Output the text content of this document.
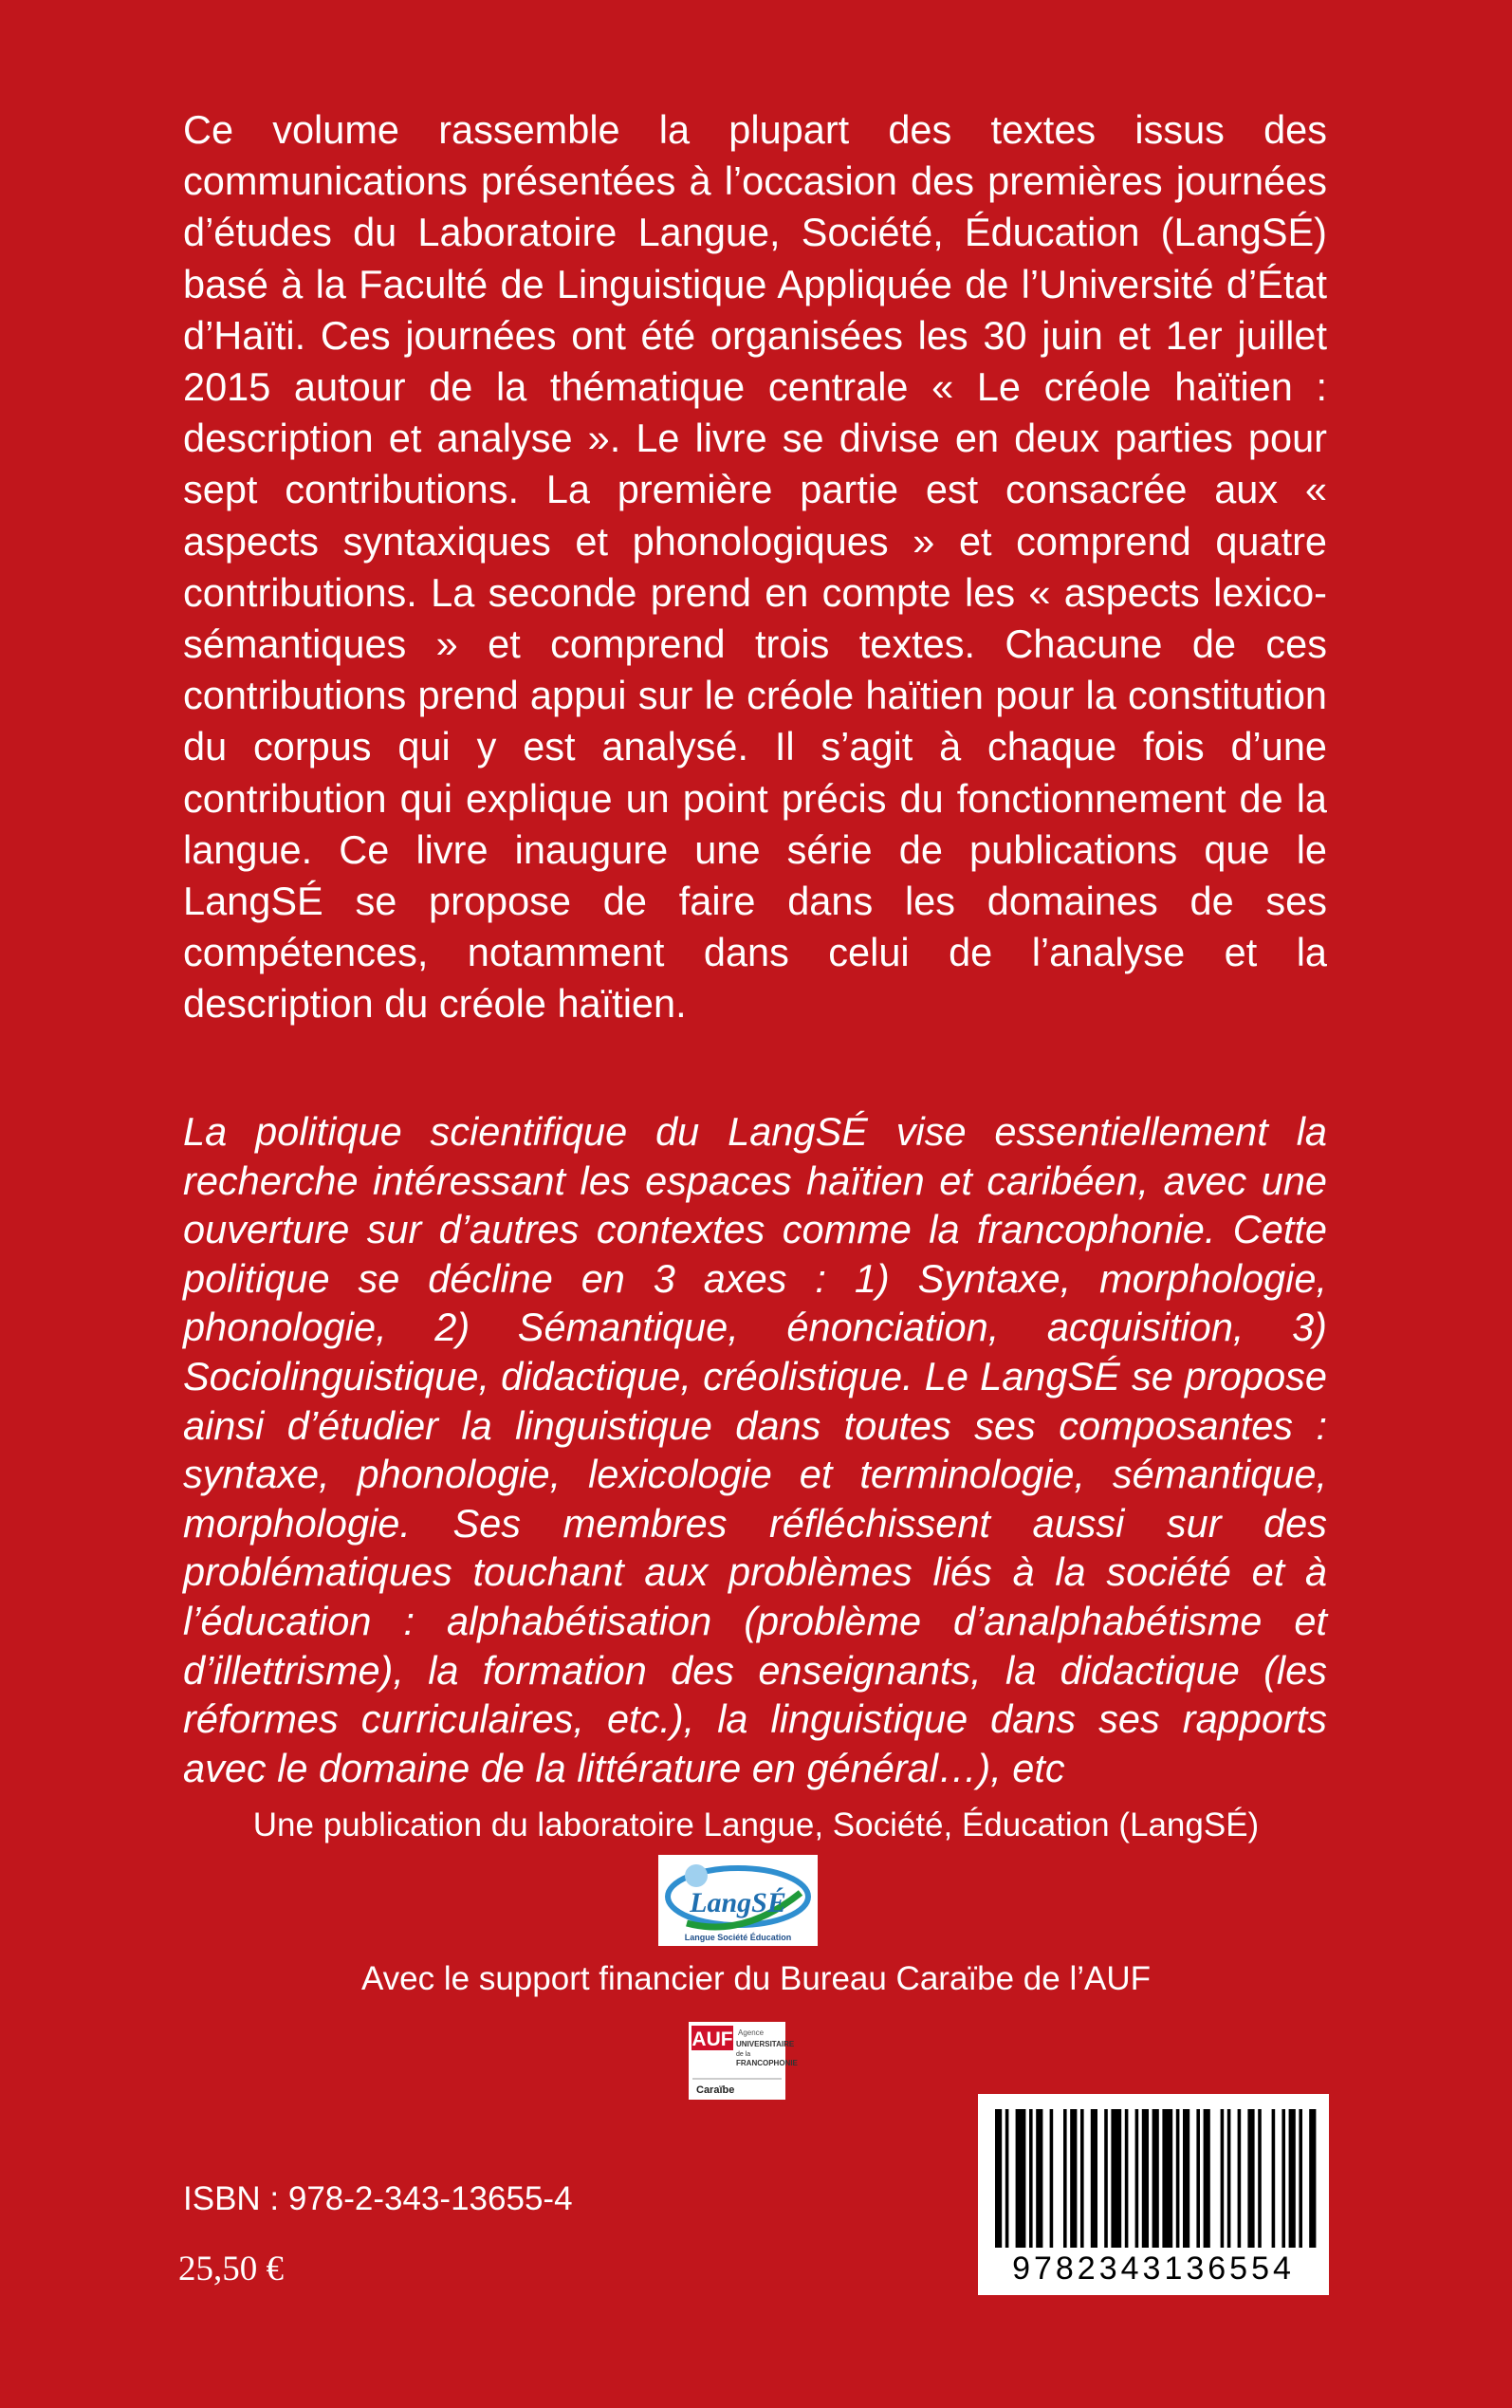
Ce volume rassemble la plupart des textes issus des communications présentées à l’occasion des premières journées d’études du Laboratoire Langue, Société, Éducation (LangSÉ) basé à la Faculté de Linguistique Appliquée de l’Université d’État d’Haïti. Ces journées ont été organisées les 30 juin et 1er juillet 2015 autour de la thématique centrale « Le créole haïtien : description et analyse ». Le livre se divise en deux parties pour sept contributions. La première partie est consacrée aux « aspects syntaxiques et phonologiques » et comprend quatre contributions. La seconde prend en compte les « aspects lexico-sémantiques » et comprend trois textes. Chacune de ces contributions prend appui sur le créole haïtien pour la constitution du corpus qui y est analysé. Il s’agit à chaque fois d’une contribution qui explique un point précis du fonctionnement de la langue. Ce livre inaugure une série de publications que le LangSÉ se propose de faire dans les domaines de ses compétences, notamment dans celui de l’analyse et la description du créole haïtien.

La politique scientifique du LangSÉ vise essentiellement la recherche intéressant les espaces haïtien et caribéen, avec une ouverture sur d’autres contextes comme la francophonie. Cette politique se décline en 3 axes : 1) Syntaxe, morphologie, phonologie, 2) Sémantique, énonciation, acquisition, 3) Sociolinguistique, didactique, créolistique. Le LangSÉ se propose ainsi d’étudier la linguistique dans toutes ses composantes : syntaxe, phonologie, lexicologie et terminologie, sémantique, morphologie. Ses membres réfléchissent aussi sur des problématiques touchant aux problèmes liés à la société et à l’éducation : alphabétisation (problème d’analphabétisme et d’illettrisme), la formation des enseignants, la didactique (les réformes curriculaires, etc.), la linguistique dans ses rapports avec le domaine de la littérature en général…), etc

Une publication du laboratoire Langue, Société, Éducation (LangSÉ)

LangSÉ
Langue Société Éducation

Avec le support financier du Bureau Caraïbe de l’AUF

AUF Agence
UNIVERSITAIRE
de la
FRANCOPHONIE
Caraïbe

ISBN : 978-2-343-13655-4

25,50 €	9782343136554
